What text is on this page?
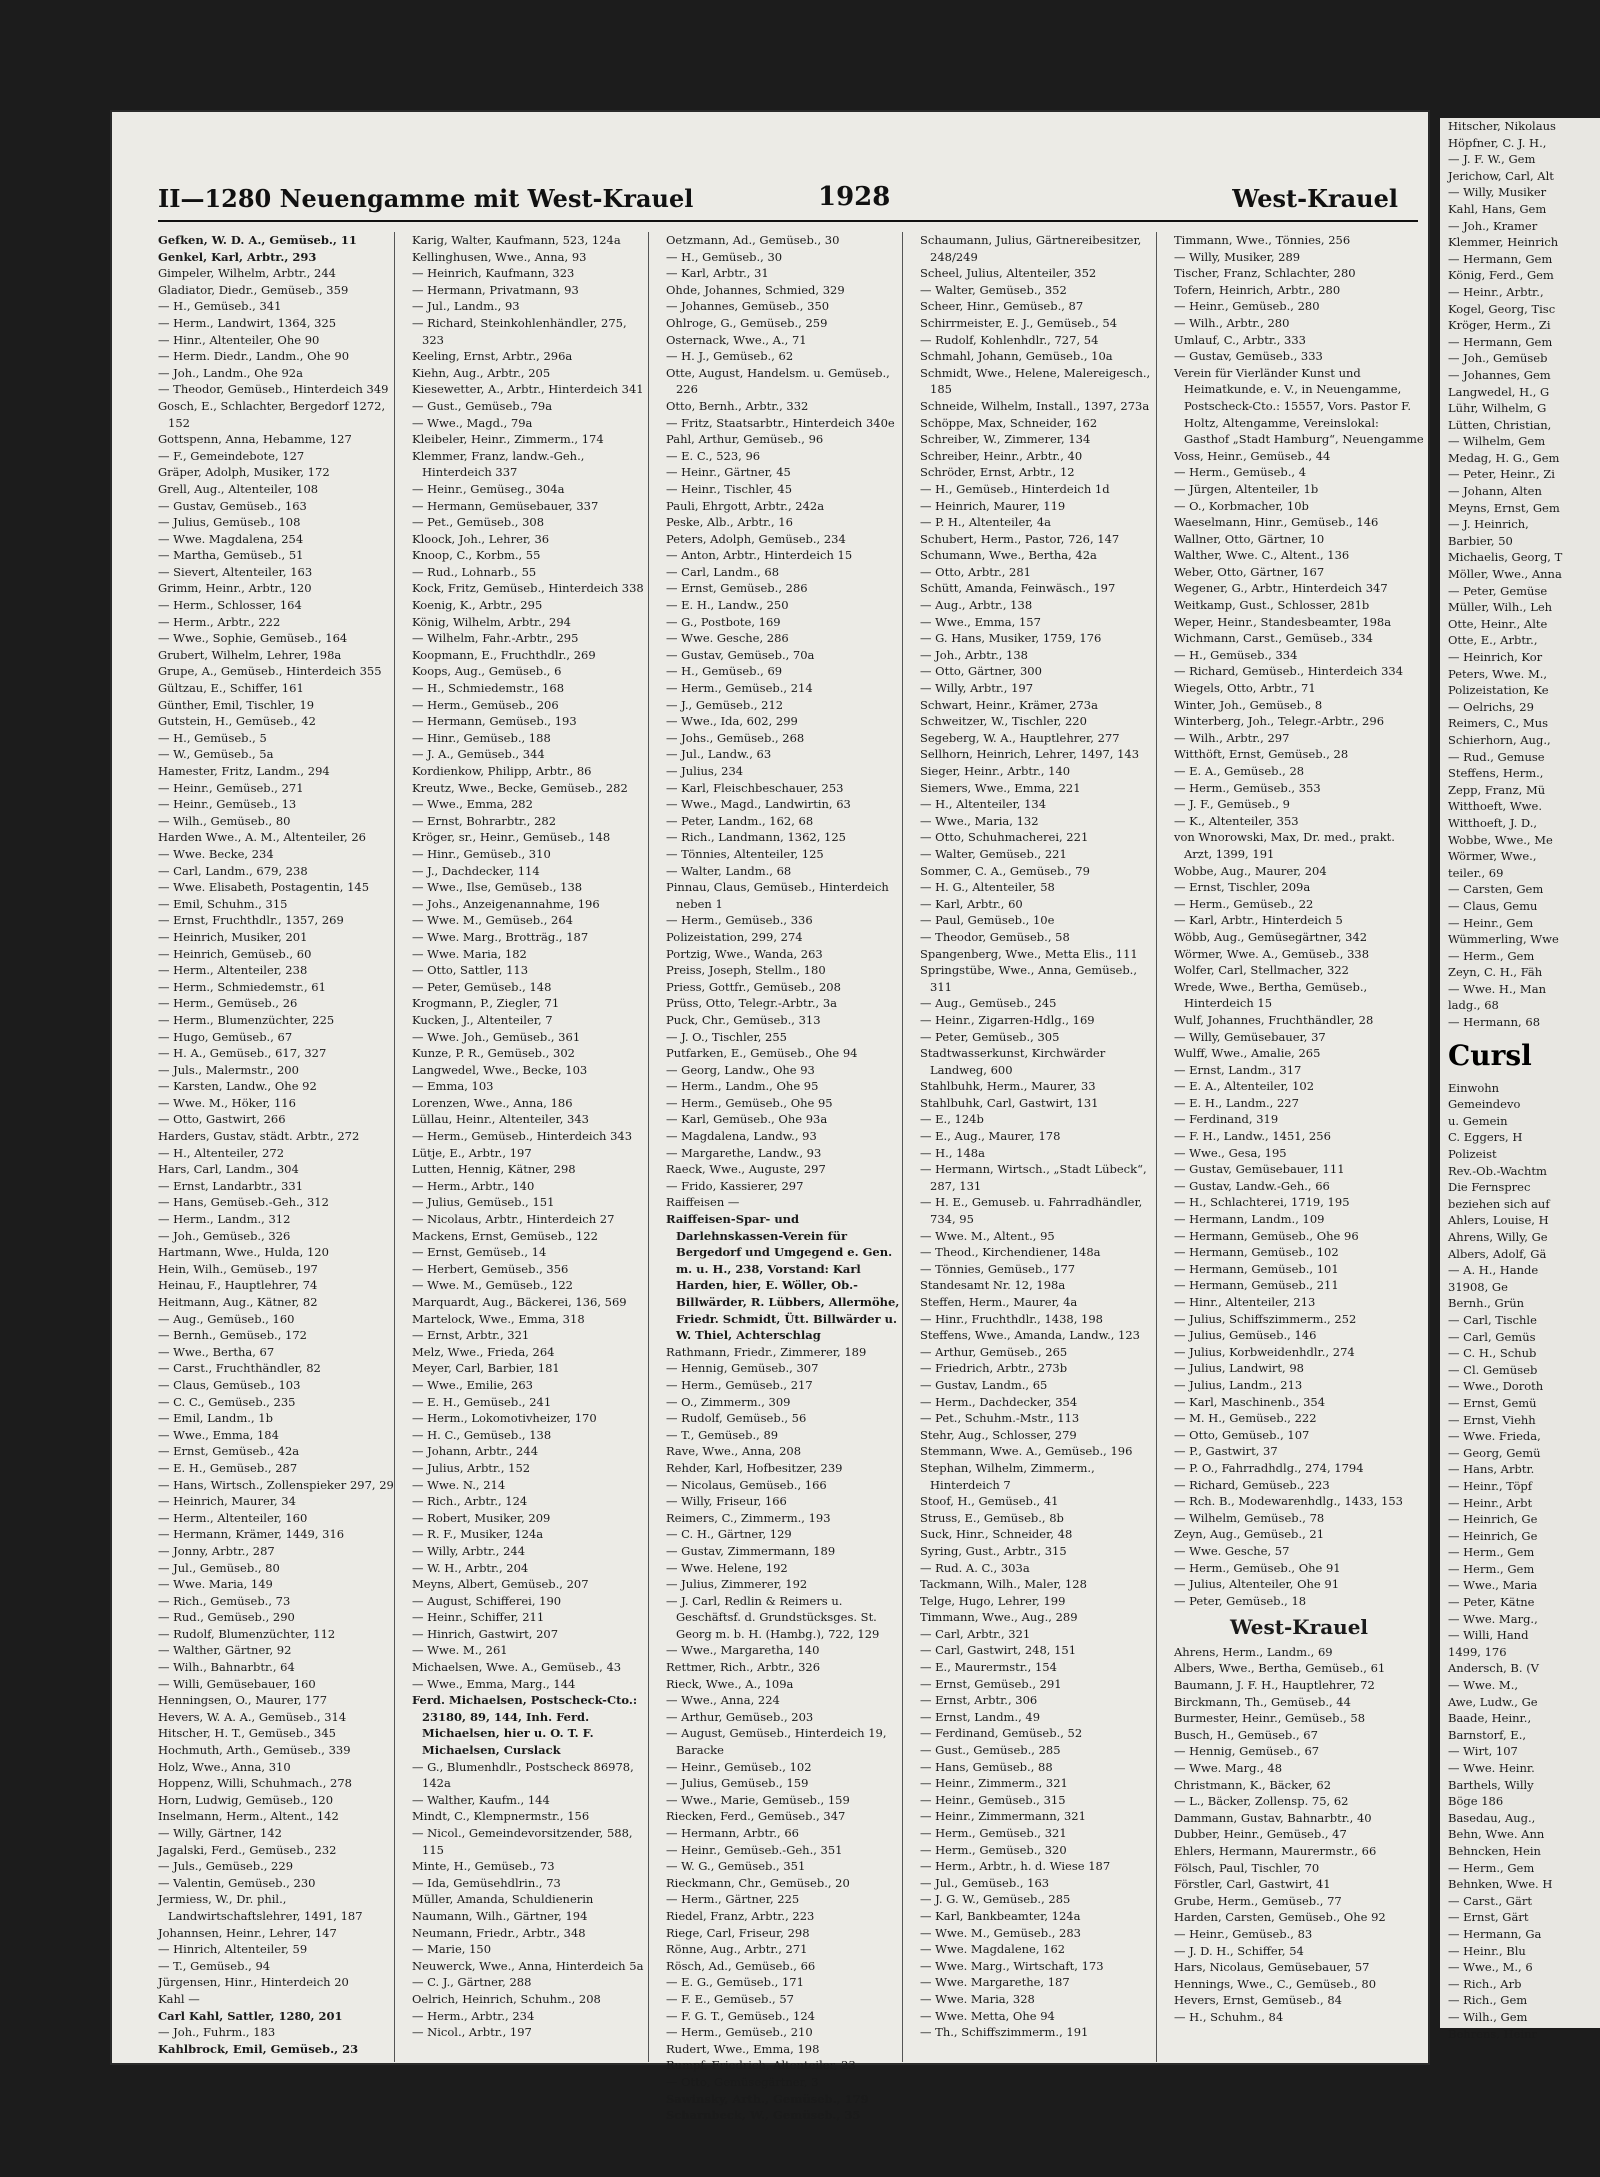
II—1280 Neuengamme mit West-Krauel	1928	West-Krauel
Gefken, W. D. A., Gemüseb., 11
Genkel, Karl, Arbtr., 293
Gimpeler, Wilhelm, Arbtr., 244
Gladiator, Diedr., Gemüseb., 359
— H., Gemüseb., 341
— Herm., Landwirt, 1364, 325
— Hinr., Altenteiler, Ohe 90
— Herm. Diedr., Landm., Ohe 90
— Joh., Landm., Ohe 92a
— Theodor, Gemüseb., Hinterdeich 349
Gosch, E., Schlachter, Bergedorf 1272, 152
Gottspenn, Anna, Hebamme, 127
— F., Gemeindebote, 127
Gräper, Adolph, Musiker, 172
Grell, Aug., Altenteiler, 108
— Gustav, Gemüseb., 163
— Julius, Gemüseb., 108
— Wwe. Magdalena, 254
— Martha, Gemüseb., 51
— Sievert, Altenteiler, 163
Grimm, Heinr., Arbtr., 120
— Herm., Schlosser, 164
— Herm., Arbtr., 222
— Wwe., Sophie, Gemüseb., 164
Grubert, Wilhelm, Lehrer, 198a
Grupe, A., Gemüseb., Hinterdeich 355
Gültzau, E., Schiffer, 161
Günther, Emil, Tischler, 19
Gutstein, H., Gemüseb., 42
— H., Gemüseb., 5
— W., Gemüseb., 5a
Hamester, Fritz, Landm., 294
— Heinr., Gemüseb., 271
— Heinr., Gemüseb., 13
— Wilh., Gemüseb., 80
Harden Wwe., A. M., Altenteiler, 26
— Wwe. Becke, 234
— Carl, Landm., 679, 238
— Wwe. Elisabeth, Postagentin, 145
— Emil, Schuhm., 315
— Ernst, Fruchthdlr., 1357, 269
— Heinrich, Musiker, 201
— Heinrich, Gemüseb., 60
— Herm., Altenteiler, 238
— Herm., Schmiedemstr., 61
— Herm., Gemüseb., 26
— Herm., Blumenzüchter, 225
— Hugo, Gemüseb., 67
— H. A., Gemüseb., 617, 327
— Juls., Malermstr., 200
— Karsten, Landw., Ohe 92
— Wwe. M., Höker, 116
— Otto, Gastwirt, 266
Harders, Gustav, städt. Arbtr., 272
— H., Altenteiler, 272
Hars, Carl, Landm., 304
— Ernst, Landarbtr., 331
— Hans, Gemüseb.-Geh., 312
— Herm., Landm., 312
— Joh., Gemüseb., 326
Hartmann, Wwe., Hulda, 120
Hein, Wilh., Gemüseb., 197
Heinau, F., Hauptlehrer, 74
Heitmann, Aug., Kätner, 82
— Aug., Gemüseb., 160
— Bernh., Gemüseb., 172
— Wwe., Bertha, 67
— Carst., Fruchthändler, 82
— Claus, Gemüseb., 103
— C. C., Gemüseb., 235
— Emil, Landm., 1b
— Wwe., Emma, 184
— Ernst, Gemüseb., 42a
— E. H., Gemüseb., 287
— Hans, Wirtsch., Zollenspieker 297, 29
— Heinrich, Maurer, 34
— Herm., Altenteiler, 160
— Hermann, Krämer, 1449, 316
— Jonny, Arbtr., 287
— Jul., Gemüseb., 80
— Wwe. Maria, 149
— Rich., Gemüseb., 73
— Rud., Gemüseb., 290
— Rudolf, Blumenzüchter, 112
— Walther, Gärtner, 92
— Wilh., Bahnarbtr., 64
— Willi, Gemüsebauer, 160
Henningsen, O., Maurer, 177
Hevers, W. A. A., Gemüseb., 314
Hitscher, H. T., Gemüseb., 345
Hochmuth, Arth., Gemüseb., 339
Holz, Wwe., Anna, 310
Hoppenz, Willi, Schuhmach., 278
Horn, Ludwig, Gemüseb., 120
Inselmann, Herm., Altent., 142
— Willy, Gärtner, 142
Jagalski, Ferd., Gemüseb., 232
— Juls., Gemüseb., 229
— Valentin, Gemüseb., 230
Jermiess, W., Dr. phil., Landwirtschaftslehrer, 1491, 187
Johannsen, Heinr., Lehrer, 147
— Hinrich, Altenteiler, 59
— T., Gemüseb., 94
Jürgensen, Hinr., Hinterdeich 20
Kahl —
Carl Kahl, Sattler, 1280, 201
— Joh., Fuhrm., 183
Kahlbrock, Emil, Gemüseb., 23
Karig, Walter, Kaufmann, 523, 124a
Kellinghusen, Wwe., Anna, 93
— Heinrich, Kaufmann, 323
— Hermann, Privatmann, 93
— Jul., Landm., 93
— Richard, Steinkohlenhändler, 275, 323
Keeling, Ernst, Arbtr., 296a
Kiehn, Aug., Arbtr., 205
Kiesewetter, A., Arbtr., Hinterdeich 341
— Gust., Gemüseb., 79a
— Wwe., Magd., 79a
Kleibeler, Heinr., Zimmerm., 174
Klemmer, Franz, landw.-Geh., Hinterdeich 337
— Heinr., Gemüseg., 304a
— Hermann, Gemüsebauer, 337
— Pet., Gemüseb., 308
Kloock, Joh., Lehrer, 36
Knoop, C., Korbm., 55
— Rud., Lohnarb., 55
Kock, Fritz, Gemüseb., Hinterdeich 338
Koenig, K., Arbtr., 295
König, Wilhelm, Arbtr., 294
— Wilhelm, Fahr.-Arbtr., 295
Koopmann, E., Fruchthdlr., 269
Koops, Aug., Gemüseb., 6
— H., Schmiedemstr., 168
— Herm., Gemüseb., 206
— Hermann, Gemüseb., 193
— Hinr., Gemüseb., 188
— J. A., Gemüseb., 344
Kordienkow, Philipp, Arbtr., 86
Kreutz, Wwe., Becke, Gemüseb., 282
— Wwe., Emma, 282
— Ernst, Bohrarbtr., 282
Kröger, sr., Heinr., Gemüseb., 148
— Hinr., Gemüseb., 310
— J., Dachdecker, 114
— Wwe., Ilse, Gemüseb., 138
— Johs., Anzeigenannahme, 196
— Wwe. M., Gemüseb., 264
— Wwe. Marg., Brotträg., 187
— Wwe. Maria, 182
— Otto, Sattler, 113
— Peter, Gemüseb., 148
Krogmann, P., Ziegler, 71
Kucken, J., Altenteiler, 7
— Wwe. Joh., Gemüseb., 361
Kunze, P. R., Gemüseb., 302
Langwedel, Wwe., Becke, 103
— Emma, 103
Lorenzen, Wwe., Anna, 186
Lüllau, Heinr., Altenteiler, 343
— Herm., Gemüseb., Hinterdeich 343
Lütje, E., Arbtr., 197
Lutten, Hennig, Kätner, 298
— Herm., Arbtr., 140
— Julius, Gemüseb., 151
— Nicolaus, Arbtr., Hinterdeich 27
Mackens, Ernst, Gemüseb., 122
— Ernst, Gemüseb., 14
— Herbert, Gemüseb., 356
— Wwe. M., Gemüseb., 122
Marquardt, Aug., Bäckerei, 136, 569
Martelock, Wwe., Emma, 318
— Ernst, Arbtr., 321
Melz, Wwe., Frieda, 264
Meyer, Carl, Barbier, 181
— Wwe., Emilie, 263
— E. H., Gemüseb., 241
— Herm., Lokomotivheizer, 170
— H. C., Gemüseb., 138
— Johann, Arbtr., 244
— Julius, Arbtr., 152
— Wwe. N., 214
— Rich., Arbtr., 124
— Robert, Musiker, 209
— R. F., Musiker, 124a
— Willy, Arbtr., 244
— W. H., Arbtr., 204
Meyns, Albert, Gemüseb., 207
— August, Schifferei, 190
— Heinr., Schiffer, 211
— Hinrich, Gastwirt, 207
— Wwe. M., 261
Michaelsen, Wwe. A., Gemüseb., 43
— Wwe., Emma, Marg., 144
Ferd. Michaelsen, Postscheck-Cto.: 23180, 89, 144, Inh. Ferd. Michaelsen, hier u. O. T. F. Michaelsen, Curslack
— G., Blumenhdlr., Postscheck 86978, 142a
— Walther, Kaufm., 144
Mindt, C., Klempnermstr., 156
— Nicol., Gemeindevorsitzender, 588, 115
Minte, H., Gemüseb., 73
— Ida, Gemüsehdlrin., 73
Müller, Amanda, Schuldienerin
Naumann, Wilh., Gärtner, 194
Neumann, Friedr., Arbtr., 348
— Marie, 150
Neuwerck, Wwe., Anna, Hinterdeich 5a
— C. J., Gärtner, 288
Oelrich, Heinrich, Schuhm., 208
— Herm., Arbtr., 234
— Nicol., Arbtr., 197
Oetzmann, Ad., Gemüseb., 30
— H., Gemüseb., 30
— Karl, Arbtr., 31
Ohde, Johannes, Schmied, 329
— Johannes, Gemüseb., 350
Ohlroge, G., Gemüseb., 259
Osternack, Wwe., A., 71
— H. J., Gemüseb., 62
Otte, August, Handelsm. u. Gemüseb., 226
Otto, Bernh., Arbtr., 332
— Fritz, Staatsarbtr., Hinterdeich 340e
Pahl, Arthur, Gemüseb., 96
— E. C., 523, 96
— Heinr., Gärtner, 45
— Heinr., Tischler, 45
Pauli, Ehrgott, Arbtr., 242a
Peske, Alb., Arbtr., 16
Peters, Adolph, Gemüseb., 234
— Anton, Arbtr., Hinterdeich 15
— Carl, Landm., 68
— Ernst, Gemüseb., 286
— E. H., Landw., 250
— G., Postbote, 169
— Wwe. Gesche, 286
— Gustav, Gemüseb., 70a
— H., Gemüseb., 69
— Herm., Gemüseb., 214
— J., Gemüseb., 212
— Wwe., Ida, 602, 299
— Johs., Gemüseb., 268
— Jul., Landw., 63
— Julius, 234
— Karl, Fleischbeschauer, 253
— Wwe., Magd., Landwirtin, 63
— Peter, Landm., 162, 68
— Rich., Landmann, 1362, 125
— Tönnies, Altenteiler, 125
— Walter, Landm., 68
Pinnau, Claus, Gemüseb., Hinterdeich neben 1
— Herm., Gemüseb., 336
Polizeistation, 299, 274
Portzig, Wwe., Wanda, 263
Preiss, Joseph, Stellm., 180
Priess, Gottfr., Gemüseb., 208
Prüss, Otto, Telegr.-Arbtr., 3a
Puck, Chr., Gemüseb., 313
— J. O., Tischler, 255
Putfarken, E., Gemüseb., Ohe 94
— Georg, Landw., Ohe 93
— Herm., Landm., Ohe 95
— Herm., Gemüseb., Ohe 95
— Karl, Gemüseb., Ohe 93a
— Magdalena, Landw., 93
— Margarethe, Landw., 93
Raeck, Wwe., Auguste, 297
— Frido, Kassierer, 297
Raiffeisen —
Raiffeisen-Spar- und Darlehnskassen-Verein für Bergedorf und Umgegend e. Gen. m. u. H., 238, Vorstand: Karl Harden, hier, E. Wöller, Ob.-Billwärder, R. Lübbers, Allermöhe, Friedr. Schmidt, Ütt. Billwärder u. W. Thiel, Achterschlag
Rathmann, Friedr., Zimmerer, 189
— Hennig, Gemüseb., 307
— Herm., Gemüseb., 217
— O., Zimmerm., 309
— Rudolf, Gemüseb., 56
— T., Gemüseb., 89
Rave, Wwe., Anna, 208
Rehder, Karl, Hofbesitzer, 239
— Nicolaus, Gemüseb., 166
— Willy, Friseur, 166
Reimers, C., Zimmerm., 193
— C. H., Gärtner, 129
— Gustav, Zimmermann, 189
— Wwe. Helene, 192
— Julius, Zimmerer, 192
— J. Carl, Redlin & Reimers u. Geschäftsf. d. Grundstücksges. St. Georg m. b. H. (Hambg.), 722, 129
— Wwe., Margaretha, 140
Rettmer, Rich., Arbtr., 326
Rieck, Wwe., A., 109a
— Wwe., Anna, 224
— Arthur, Gemüseb., 203
— August, Gemüseb., Hinterdeich 19, Baracke
— Heinr., Gemüseb., 102
— Julius, Gemüseb., 159
— Wwe., Marie, Gemüseb., 159
Riecken, Ferd., Gemüseb., 347
— Hermann, Arbtr., 66
— Heinr., Gemüseb.-Geh., 351
— W. G., Gemüseb., 351
Rieckmann, Chr., Gemüseb., 20
— Herm., Gärtner, 225
Riedel, Franz, Arbtr., 223
Riege, Carl, Friseur, 298
Rönne, Aug., Arbtr., 271
Rösch, Ad., Gemüseb., 66
— E. G., Gemüseb., 171
— F. E., Gemüseb., 57
— F. G. T., Gemüseb., 124
— Herm., Gemüseb., 210
Rudert, Wwe., Emma, 198
Rumpf, Friedrich, Altenteiler, 23
— Otto, Gemüsegärtner, 3
Sawinsky, Arth., Gemüseb., 179
Scharnbeck, W., Gemüseb., 35
Schaumann, Julius, Gärtnereibesitzer, 248/249
Scheel, Julius, Altenteiler, 352
— Walter, Gemüseb., 352
Scheer, Hinr., Gemüseb., 87
Schirrmeister, E. J., Gemüseb., 54
— Rudolf, Kohlenhdlr., 727, 54
Schmahl, Johann, Gemüseb., 10a
Schmidt, Wwe., Helene, Malereigesch., 185
Schneide, Wilhelm, Install., 1397, 273a
Schöppe, Max, Schneider, 162
Schreiber, W., Zimmerer, 134
Schreiber, Heinr., Arbtr., 40
Schröder, Ernst, Arbtr., 12
— H., Gemüseb., Hinterdeich 1d
— Heinrich, Maurer, 119
— P. H., Altenteiler, 4a
Schubert, Herm., Pastor, 726, 147
Schumann, Wwe., Bertha, 42a
— Otto, Arbtr., 281
Schütt, Amanda, Feinwäsch., 197
— Aug., Arbtr., 138
— Wwe., Emma, 157
— G. Hans, Musiker, 1759, 176
— Joh., Arbtr., 138
— Otto, Gärtner, 300
— Willy, Arbtr., 197
Schwart, Heinr., Krämer, 273a
Schweitzer, W., Tischler, 220
Segeberg, W. A., Hauptlehrer, 277
Sellhorn, Heinrich, Lehrer, 1497, 143
Sieger, Heinr., Arbtr., 140
Siemers, Wwe., Emma, 221
— H., Altenteiler, 134
— Wwe., Maria, 132
— Otto, Schuhmacherei, 221
— Walter, Gemüseb., 221
Sommer, C. A., Gemüseb., 79
— H. G., Altenteiler, 58
— Karl, Arbtr., 60
— Paul, Gemüseb., 10e
— Theodor, Gemüseb., 58
Spangenberg, Wwe., Metta Elis., 111
Springstübe, Wwe., Anna, Gemüseb., 311
— Aug., Gemüseb., 245
— Heinr., Zigarren-Hdlg., 169
— Peter, Gemüseb., 305
Stadtwasserkunst, Kirchwärder Landweg, 600
Stahlbuhk, Herm., Maurer, 33
Stahlbuhk, Carl, Gastwirt, 131
— E., 124b
— E., Aug., Maurer, 178
— H., 148a
— Hermann, Wirtsch., „Stadt Lübeck“, 287, 131
— H. E., Gemuseb. u. Fahrradhändler, 734, 95
— Wwe. M., Altent., 95
— Theod., Kirchendiener, 148a
— Tönnies, Gemüseb., 177
Standesamt Nr. 12, 198a
Steffen, Herm., Maurer, 4a
— Hinr., Fruchthdlr., 1438, 198
Steffens, Wwe., Amanda, Landw., 123
— Arthur, Gemüseb., 265
— Friedrich, Arbtr., 273b
— Gustav, Landm., 65
— Herm., Dachdecker, 354
— Pet., Schuhm.-Mstr., 113
Stehr, Aug., Schlosser, 279
Stemmann, Wwe. A., Gemüseb., 196
Stephan, Wilhelm, Zimmerm., Hinterdeich 7
Stoof, H., Gemüseb., 41
Struss, E., Gemüseb., 8b
Suck, Hinr., Schneider, 48
Syring, Gust., Arbtr., 315
— Rud. A. C., 303a
Tackmann, Wilh., Maler, 128
Telge, Hugo, Lehrer, 199
Timmann, Wwe., Aug., 289
— Carl, Arbtr., 321
— Carl, Gastwirt, 248, 151
— E., Maurermstr., 154
— Ernst, Gemüseb., 291
— Ernst, Arbtr., 306
— Ernst, Landm., 49
— Ferdinand, Gemüseb., 52
— Gust., Gemüseb., 285
— Hans, Gemüseb., 88
— Heinr., Zimmerm., 321
— Heinr., Gemüseb., 315
— Heinr., Zimmermann, 321
— Herm., Gemüseb., 321
— Herm., Gemüseb., 320
— Herm., Arbtr., h. d. Wiese 187
— Jul., Gemüseb., 163
— J. G. W., Gemüseb., 285
— Karl, Bankbeamter, 124a
— Wwe. M., Gemüseb., 283
— Wwe. Magdalene, 162
— Wwe. Marg., Wirtschaft, 173
— Wwe. Margarethe, 187
— Wwe. Maria, 328
— Wwe. Metta, Ohe 94
— Th., Schiffszimmerm., 191
Timmann, Wwe., Tönnies, 256
— Willy, Musiker, 289
Tischer, Franz, Schlachter, 280
Tofern, Heinrich, Arbtr., 280
— Heinr., Gemüseb., 280
— Wilh., Arbtr., 280
Umlauf, C., Arbtr., 333
— Gustav, Gemüseb., 333
Verein für Vierländer Kunst und Heimatkunde, e. V., in Neuengamme, Postscheck-Cto.: 15557, Vors. Pastor F. Holtz, Altengamme, Vereinslokal: Gasthof „Stadt Hamburg“, Neuengamme
Voss, Heinr., Gemüseb., 44
— Herm., Gemüseb., 4
— Jürgen, Altenteiler, 1b
— O., Korbmacher, 10b
Waeselmann, Hinr., Gemüseb., 146
Wallner, Otto, Gärtner, 10
Walther, Wwe. C., Altent., 136
Weber, Otto, Gärtner, 167
Wegener, G., Arbtr., Hinterdeich 347
Weitkamp, Gust., Schlosser, 281b
Weper, Heinr., Standesbeamter, 198a
Wichmann, Carst., Gemüseb., 334
— H., Gemüseb., 334
— Richard, Gemüseb., Hinterdeich 334
Wiegels, Otto, Arbtr., 71
Winter, Joh., Gemüseb., 8
Winterberg, Joh., Telegr.-Arbtr., 296
— Wilh., Arbtr., 297
Witthöft, Ernst, Gemüseb., 28
— E. A., Gemüseb., 28
— Herm., Gemüseb., 353
— J. F., Gemüseb., 9
— K., Altenteiler, 353
von Wnorowski, Max, Dr. med., prakt. Arzt, 1399, 191
Wobbe, Aug., Maurer, 204
— Ernst, Tischler, 209a
— Herm., Gemüseb., 22
— Karl, Arbtr., Hinterdeich 5
Wöbb, Aug., Gemüsegärtner, 342
Wörmer, Wwe. A., Gemüseb., 338
Wolfer, Carl, Stellmacher, 322
Wrede, Wwe., Bertha, Gemüseb., Hinterdeich 15
Wulf, Johannes, Fruchthändler, 28
— Willy, Gemüsebauer, 37
Wulff, Wwe., Amalie, 265
— Ernst, Landm., 317
— E. A., Altenteiler, 102
— E. H., Landm., 227
— Ferdinand, 319
— F. H., Landw., 1451, 256
— Wwe., Gesa, 195
— Gustav, Gemüsebauer, 111
— Gustav, Landw.-Geh., 66
— H., Schlachterei, 1719, 195
— Hermann, Landm., 109
— Hermann, Gemüseb., Ohe 96
— Hermann, Gemüseb., 102
— Hermann, Gemüseb., 101
— Hermann, Gemüseb., 211
— Hinr., Altenteiler, 213
— Julius, Schiffszimmerm., 252
— Julius, Gemüseb., 146
— Julius, Korbweidenhdlr., 274
— Julius, Landwirt, 98
— Julius, Landm., 213
— Karl, Maschinenb., 354
— M. H., Gemüseb., 222
— Otto, Gemüseb., 107
— P., Gastwirt, 37
— P. O., Fahrradhdlg., 274, 1794
— Richard, Gemüseb., 223
— Rch. B., Modewarenhdlg., 1433, 153
— Wilhelm, Gemüseb., 78
Zeyn, Aug., Gemüseb., 21
— Wwe. Gesche, 57
— Herm., Gemüseb., Ohe 91
— Julius, Altenteiler, Ohe 91
— Peter, Gemüseb., 18
West-Krauel
Ahrens, Herm., Landm., 69
Albers, Wwe., Bertha, Gemüseb., 61
Baumann, J. F. H., Hauptlehrer, 72
Birckmann, Th., Gemüseb., 44
Burmester, Heinr., Gemüseb., 58
Busch, H., Gemüseb., 67
— Hennig, Gemüseb., 67
— Wwe. Marg., 48
Christmann, K., Bäcker, 62
— L., Bäcker, Zollensp. 75, 62
Dammann, Gustav, Bahnarbtr., 40
Dubber, Heinr., Gemüseb., 47
Ehlers, Hermann, Maurermstr., 66
Fölsch, Paul, Tischler, 70
Förstler, Carl, Gastwirt, 41
Grube, Herm., Gemüseb., 77
Harden, Carsten, Gemüseb., Ohe 92
— Heinr., Gemüseb., 83
— J. D. H., Schiffer, 54
Hars, Nicolaus, Gemüsebauer, 57
Hennings, Wwe., C., Gemüseb., 80
Hevers, Ernst, Gemüseb., 84
— H., Schuhm., 84
Hitscher, Nikolaus
Höpfner, C. J. H.,
— J. F. W., Gem
Jerichow, Carl, Alt
— Willy, Musiker
Kahl, Hans, Gem
— Joh., Kramer
Klemmer, Heinrich
— Hermann, Gem
König, Ferd., Gem
— Heinr., Arbtr.,
Kogel, Georg, Tisc
Kröger, Herm., Zi
— Hermann, Gem
— Joh., Gemüseb
— Johannes, Gem
Langwedel, H., G
Lühr, Wilhelm, G
Lütten, Christian,
— Wilhelm, Gem
Medag, H. G., Gem
— Peter, Heinr., Zi
— Johann, Alten
Meyns, Ernst, Gem
— J. Heinrich,
Barbier, 50
Michaelis, Georg, T
Möller, Wwe., Anna
— Peter, Gemüse
Müller, Wilh., Leh
Otte, Heinr., Alte
Otte, E., Arbtr.,
— Heinrich, Kor
Peters, Wwe. M.,
Polizeistation, Ke
— Oelrichs, 29
Reimers, C., Mus
Schierhorn, Aug.,
— Rud., Gemuse
Steffens, Herm.,
Zepp, Franz, Mü
Witthoeft, Wwe.
Witthoeft, J. D.,
Wobbe, Wwe., Me
Wörmer, Wwe.,
teiler., 69
— Carsten, Gem
— Claus, Gemu
— Heinr., Gem
Wümmerling, Wwe
— Herm., Gem
Zeyn, C. H., Fäh
— Wwe. H., Man
ladg., 68
— Hermann, 68
Cursl
Einwohn
Gemeindevo
u. Gemein
C. Eggers, H
Polizeist
Rev.-Ob.-Wachtm
Die Fernsprec
beziehen sich auf
Ahlers, Louise, H
Ahrens, Willy, Ge
Albers, Adolf, Gä
— A. H., Hande
31908, Ge
Bernh., Grün
— Carl, Tischle
— Carl, Gemüs
— C. H., Schub
— Cl. Gemüseb
— Wwe., Doroth
— Ernst, Gemü
— Ernst, Viehh
— Wwe. Frieda,
— Georg, Gemü
— Hans, Arbtr.
— Heinr., Töpf
— Heinr., Arbt
— Heinrich, Ge
— Heinrich, Ge
— Herm., Gem
— Herm., Gem
— Wwe., Maria
— Peter, Kätne
— Wwe. Marg.,
— Willi, Hand
1499, 176
Andersch, B. (V
— Wwe. M.,
Awe, Ludw., Ge
Baade, Heinr.,
Barnstorf, E.,
— Wirt, 107
— Wwe. Heinr.
Barthels, Willy
Böge 186
Basedau, Aug.,
Behn, Wwe. Ann
Behncken, Hein
— Herm., Gem
Behnken, Wwe. H
— Carst., Gärt
— Ernst, Gärt
— Hermann, Ga
— Heinr., Blu
— Wwe., M., 6
— Rich., Arb
— Rich., Gem
— Wilh., Gem
Behrens, Heinr
